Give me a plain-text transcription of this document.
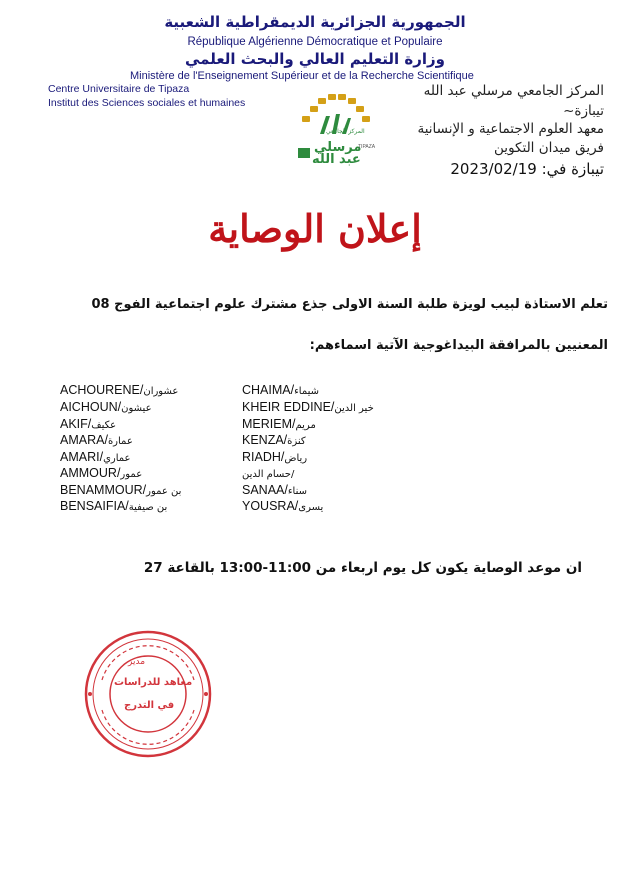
الجمهورية الجزائرية الديمقراطية الشعبية
République Algérienne Démocratique et Populaire
وزارة التعليم العالي والبحث العلمي
Ministère de l'Enseignement Supérieur et de la Recherche Scientifique
Centre Universitaire de Tipaza
Institut des Sciences sociales et humaines
المركز الجامعي مرسلي عبد الله
تيبازة~
معهد العلوم الاجتماعية و الإنسانية
فريق ميدان التكوين
تيبازة في: 2023/02/19
المركز الجامعي
مرسلي
عبد الله
TIPAZA
إعلان الوصاية
تعلم الاستاذة لبيب لويزة طلبة السنة الاولى جذع مشترك علوم اجتماعية الفوج 08
المعنيين بالمرافقة البيداغوجية الآتية اسماءهم:
ACHOURENE/عشوران
AICHOUN/عيشون
AKIF/عكيف
AMARA/عمارة
AMARI/عماري
AMMOUR/عمور
BENAMMOUR/بن عمور
BENSAIFIA/بن صيفية
CHAIMA/شيماء
KHEIR EDDINE/خير الدين
MERIEM/مريم
KENZA/كنزة
RIADH/رياض
حسام الدين/
SANAA/سناء
YOUSRA/يسرى
ان موعد الوصاية يكون كل يوم اربعاء من 11:00-13:00 بالقاعة 27
مدير
معاهد للدراسات
في التدرج
